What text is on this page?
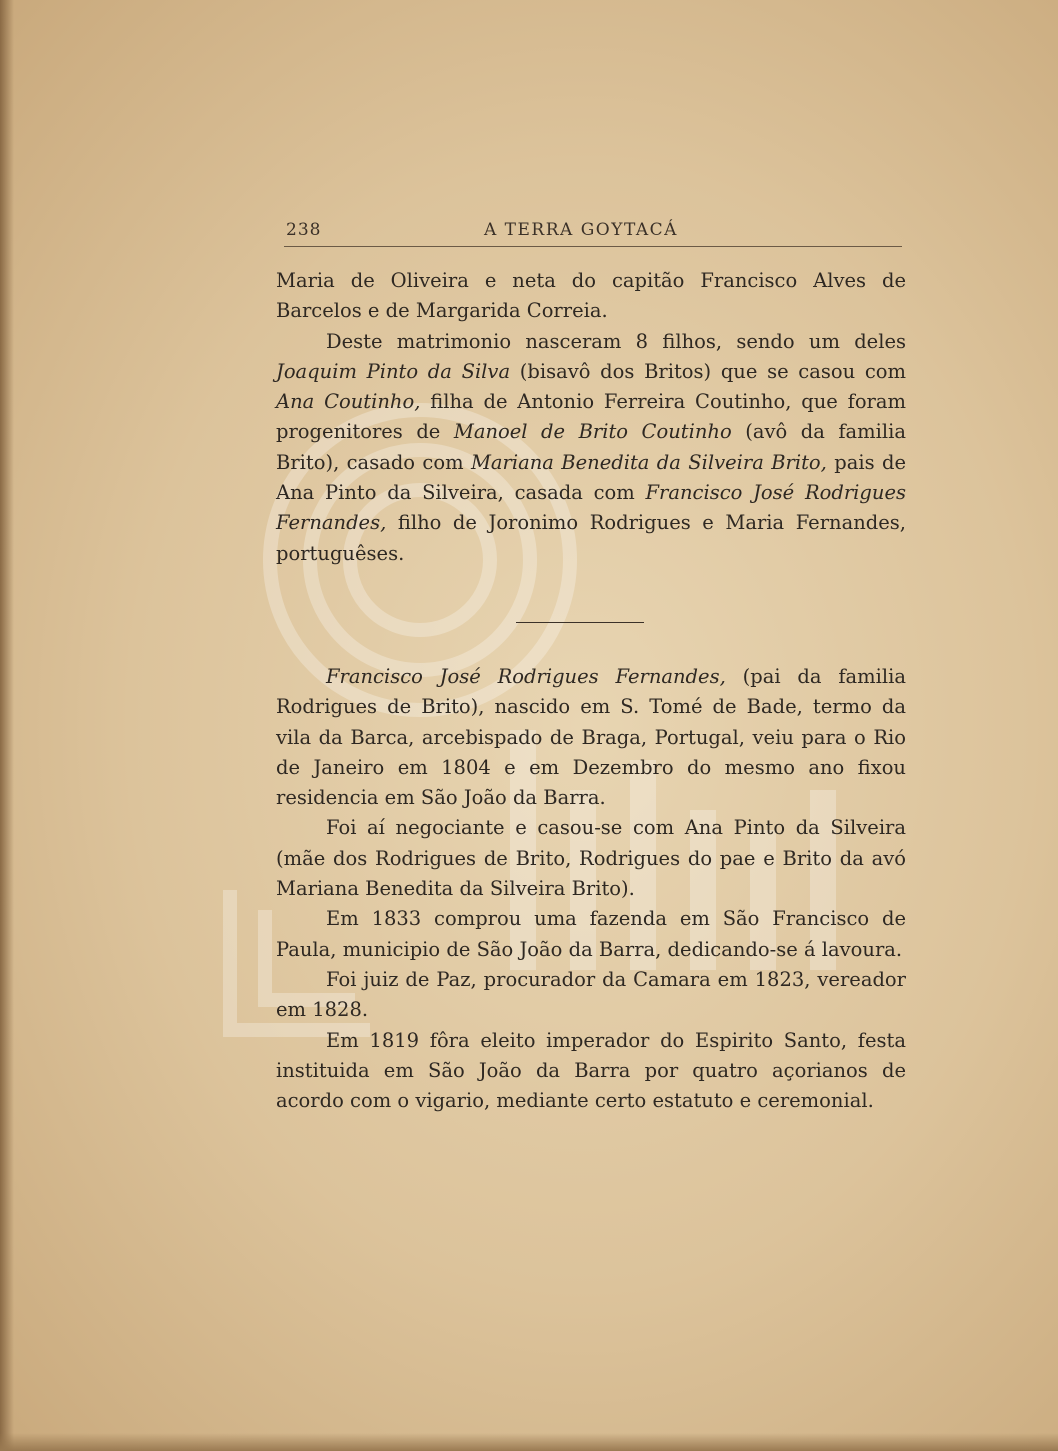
238	A TERRA GOYTACÁ

Maria de Oliveira e neta do capitão Francisco Alves de Barcelos e de Margarida Correia.

Deste matrimonio nasceram 8 filhos, sendo um deles Joaquim Pinto da Silva (bisavô dos Britos) que se casou com Ana Coutinho, filha de Antonio Ferreira Coutinho, que foram progenitores de Manoel de Brito Coutinho (avô da familia Brito), casado com Mariana Benedita da Silveira Brito, pais de Ana Pinto da Silveira, casada com Francisco José Rodrigues Fernandes, filho de Joronimo Rodrigues e Maria Fernandes, portuguêses.

Francisco José Rodrigues Fernandes, (pai da familia Rodrigues de Brito), nascido em S. Tomé de Bade, termo da vila da Barca, arcebispado de Braga, Portugal, veiu para o Rio de Janeiro em 1804 e em Dezembro do mesmo ano fixou residencia em São João da Barra.

Foi aí negociante e casou-se com Ana Pinto da Silveira (mãe dos Rodrigues de Brito, Rodrigues do pae e Brito da avó Mariana Benedita da Silveira Brito).

Em 1833 comprou uma fazenda em São Francisco de Paula, municipio de São João da Barra, dedicando-se á lavoura.

Foi juiz de Paz, procurador da Camara em 1823, vereador em 1828.

Em 1819 fôra eleito imperador do Espirito Santo, festa instituida em São João da Barra por quatro açorianos de acordo com o vigario, mediante certo estatuto e ceremonial.
